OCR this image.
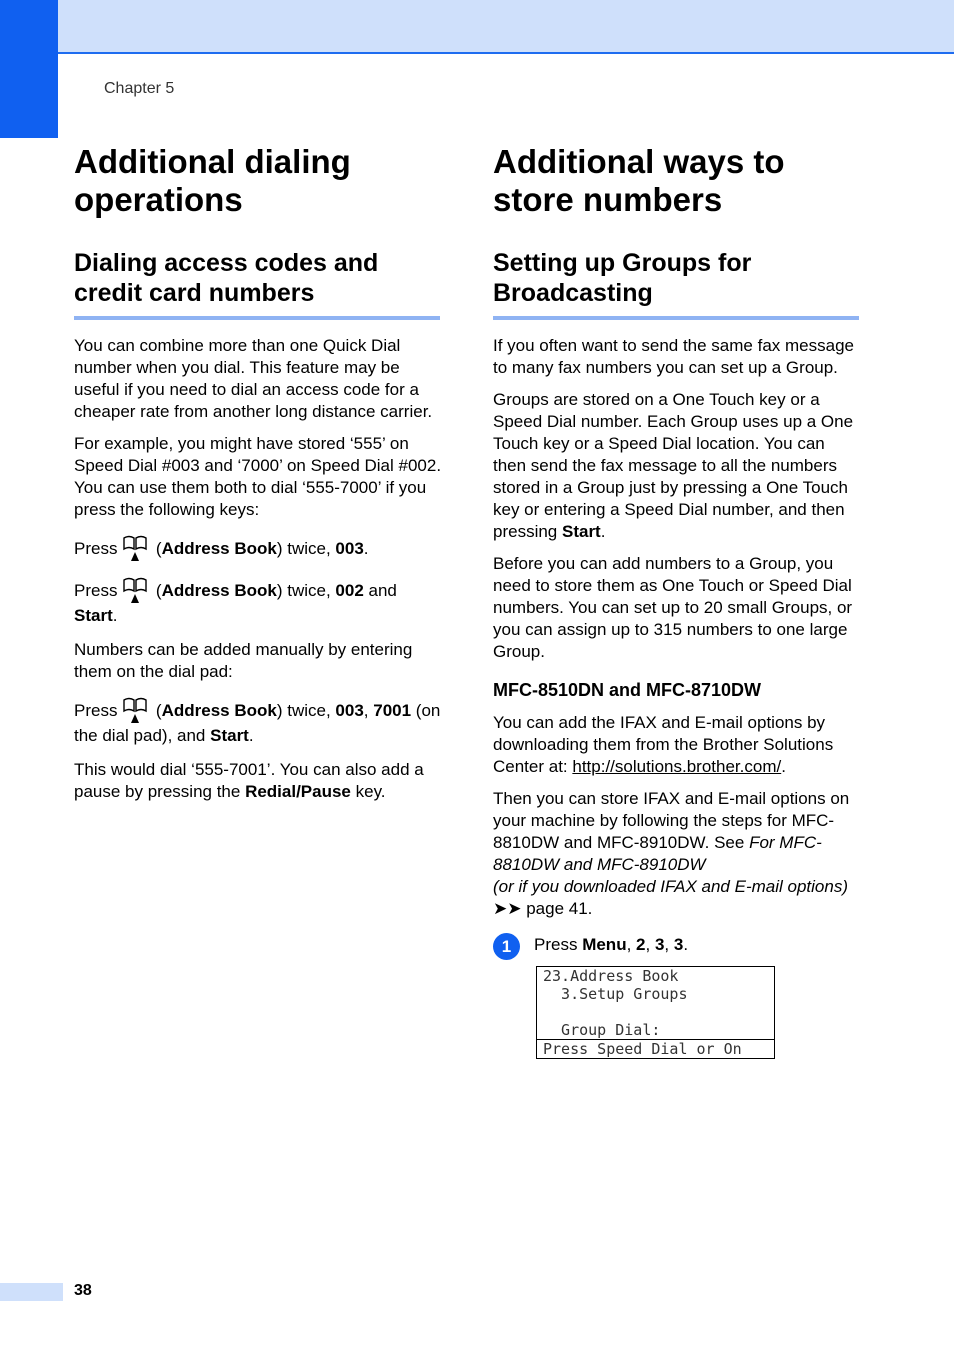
Chapter 5
Additional dialing operations
Dialing access codes and credit card numbers

You can combine more than one Quick Dial number when you dial. This feature may be useful if you need to dial an access code for a cheaper rate from another long distance carrier.

For example, you might have stored ‘555’ on Speed Dial #003 and ‘7000’ on Speed Dial #002. You can use them both to dial ‘555-7000’ if you press the following keys:

Press  (Address Book) twice, 003.

Press  (Address Book) twice, 002 and Start.

Numbers can be added manually by entering them on the dial pad:

Press  (Address Book) twice, 003, 7001 (on the dial pad), and Start.

This would dial ‘555-7001’. You can also add a pause by pressing the Redial/Pause key.

Additional ways to store numbers
Setting up Groups for Broadcasting

If you often want to send the same fax message to many fax numbers you can set up a Group.

Groups are stored on a One Touch key or a Speed Dial number. Each Group uses up a One Touch key or a Speed Dial location. You can then send the fax message to all the numbers stored in a Group just by pressing a One Touch key or entering a Speed Dial number, and then pressing Start.

Before you can add numbers to a Group, you need to store them as One Touch or Speed Dial numbers. You can set up to 20 small Groups, or you can assign up to 315 numbers to one large Group.

MFC-8510DN and MFC-8710DW

You can add the IFAX and E-mail options by downloading them from the Brother Solutions Center at: http://solutions.brother.com/.

Then you can store IFAX and E-mail options on your machine by following the steps for MFC-8810DW and MFC-8910DW. See For MFC-8810DW and MFC-8910DW
(or if you downloaded IFAX and E-mail options) ➤➤ page 41.

1	Press Menu, 2, 3, 3.

23.Address Book
3.Setup Groups
Group Dial:
Press Speed Dial or On
38
